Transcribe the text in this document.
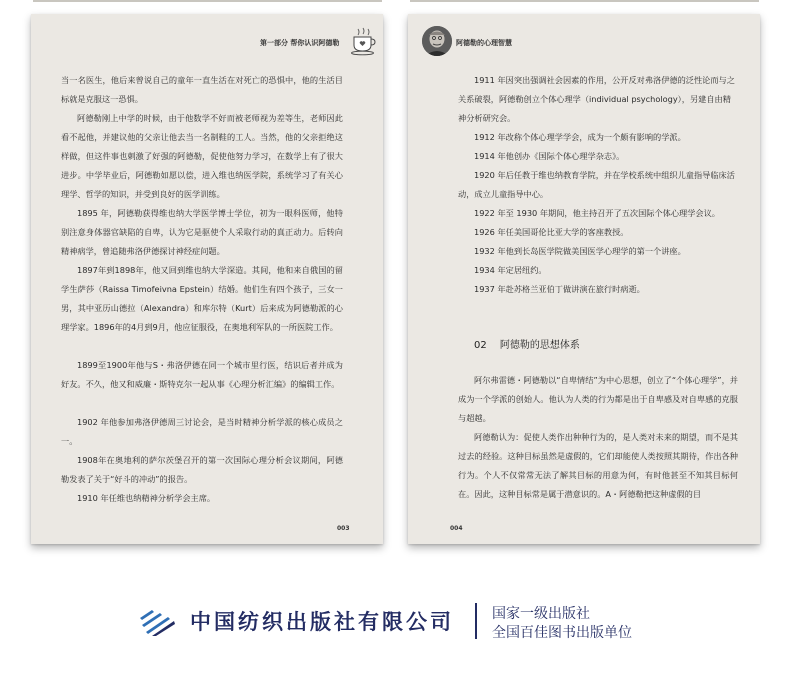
第一部分 帮你认识阿德勒

当一名医生，他后来曾说自己的童年一直生活在对死亡的恐惧中，他的生活目标就是克服这一恐惧。

阿德勒刚上中学的时候，由于他数学不好而被老师视为差等生，老师因此看不起他，并建议他的父亲让他去当一名制鞋的工人。当然，他的父亲拒绝这样做，但这件事也刺激了好强的阿德勒，促使他努力学习，在数学上有了很大进步。中学毕业后，阿德勒如愿以偿，进入维也纳医学院，系统学习了有关心理学、哲学的知识，并受到良好的医学训练。

1895 年，阿德勒获得维也纳大学医学博士学位，初为一眼科医师，他特别注意身体器官缺陷的自卑，认为它是驱使个人采取行动的真正动力。后转向精神病学，曾追随弗洛伊德探讨神经症问题。

1897年到1898年，他又回到维也纳大学深造。其间，他和来自俄国的留学生萨莎（Raissa Timofeivna Epstein）结婚。他们生有四个孩子，三女一男，其中亚历山德拉（Alexandra）和库尔特（Kurt）后来成为阿德勒派的心理学家。1896年的4月到9月，他应征服役，在奥地利军队的一所医院工作。

1899至1900年他与S・弗洛伊德在同一个城市里行医，结识后者并成为好友。不久，他又和威廉・斯特克尔一起从事《心理分析汇编》的编辑工作。

1902 年他参加弗洛伊德周三讨论会，是当时精神分析学派的核心成员之一。

1908年在奥地利的萨尔茨堡召开的第一次国际心理分析会议期间，阿德勒发表了关于“好斗的冲动”的报告。

1910 年任维也纳精神分析学会主席。

003
阿德勒的心理智慧

1911 年因突出强调社会因素的作用，公开反对弗洛伊德的泛性论而与之关系破裂，阿德勒创立个体心理学（individual psychology），另建自由精神分析研究会。

1912 年改称个体心理学学会，成为一个颇有影响的学派。

1914 年他创办《国际个体心理学杂志》。

1920 年后任教于维也纳教育学院，并在学校系统中组织儿童指导临床活动，成立儿童指导中心。

1922 年至 1930 年期间，他主持召开了五次国际个体心理学会议。

1926 年任美国哥伦比亚大学的客座教授。

1932 年他到长岛医学院做美国医学心理学的第一个讲座。

1934 年定居纽约。

1937 年赴苏格兰亚伯丁做讲演在旅行时病逝。

02 阿德勒的思想体系

阿尔弗雷德・阿德勒以“自卑情结”为中心思想，创立了“个体心理学”，并成为一个学派的创始人。他认为人类的行为都是出于自卑感及对自卑感的克服与超越。

阿德勒认为：促使人类作出种种行为的，是人类对未来的期望，而不是其过去的经验。这种目标虽然是虚假的，它们却能使人类按照其期待，作出各种行为。个人不仅常常无法了解其目标的用意为何，有时他甚至不知其目标何在。因此，这种目标常是属于潜意识的。A・阿德勒把这种虚假的目

004
中国纺织出版社有限公司	国家一级出版社
全国百佳图书出版单位
